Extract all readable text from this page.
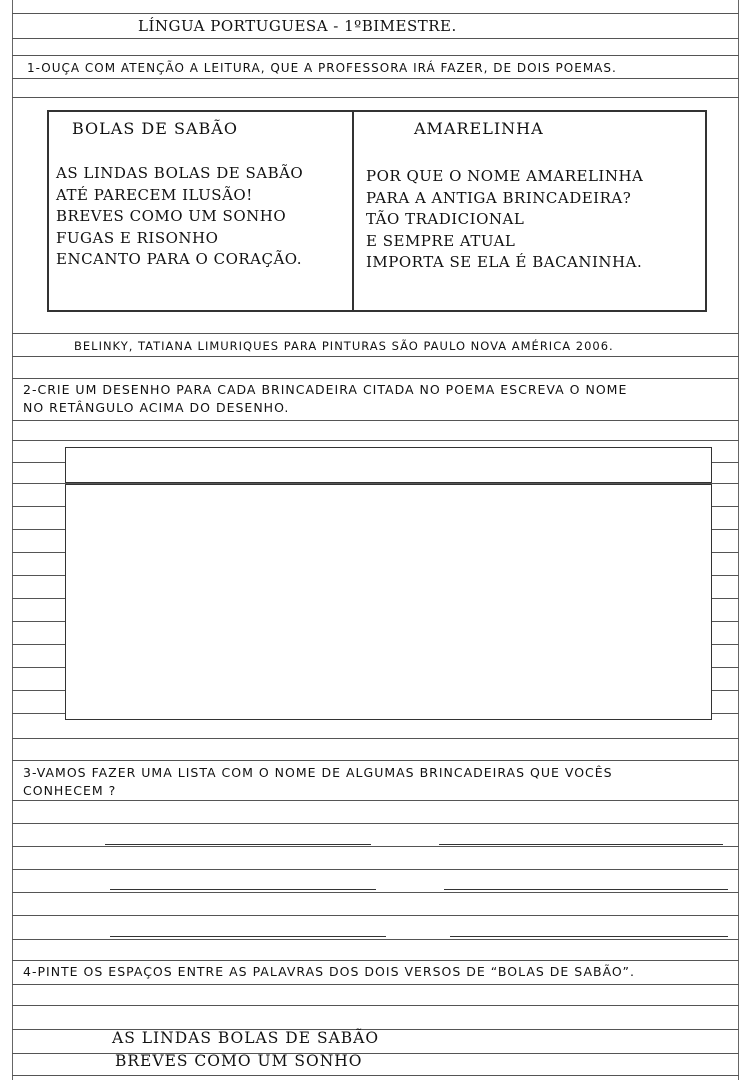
LÍNGUA PORTUGUESA - 1ºBIMESTRE.
1-OUÇA COM ATENÇÃO A LEITURA, QUE A PROFESSORA IRÁ FAZER, DE DOIS POEMAS.
BOLAS DE SABÃO
AS LINDAS BOLAS DE SABÃO
ATÉ PARECEM ILUSÃO!
BREVES COMO UM SONHO
FUGAS E RISONHO
ENCANTO PARA O CORAÇÃO.
AMARELINHA
POR QUE O NOME AMARELINHA
PARA A ANTIGA BRINCADEIRA?
TÃO TRADICIONAL
E SEMPRE ATUAL
IMPORTA SE ELA É BACANINHA.
BELINKY, TATIANA LIMURIQUES PARA PINTURAS SÃO PAULO NOVA AMÉRICA 2006.
2-CRIE UM DESENHO PARA CADA BRINCADEIRA CITADA NO POEMA ESCREVA O NOME
NO RETÂNGULO ACIMA DO DESENHO.
3-VAMOS FAZER UMA LISTA COM O NOME DE ALGUMAS BRINCADEIRAS QUE VOCÊS
CONHECEM ?
4-PINTE OS ESPAÇOS ENTRE AS PALAVRAS DOS DOIS VERSOS DE “BOLAS DE SABÃO”.
AS LINDAS BOLAS DE SABÃO
BREVES COMO UM SONHO
